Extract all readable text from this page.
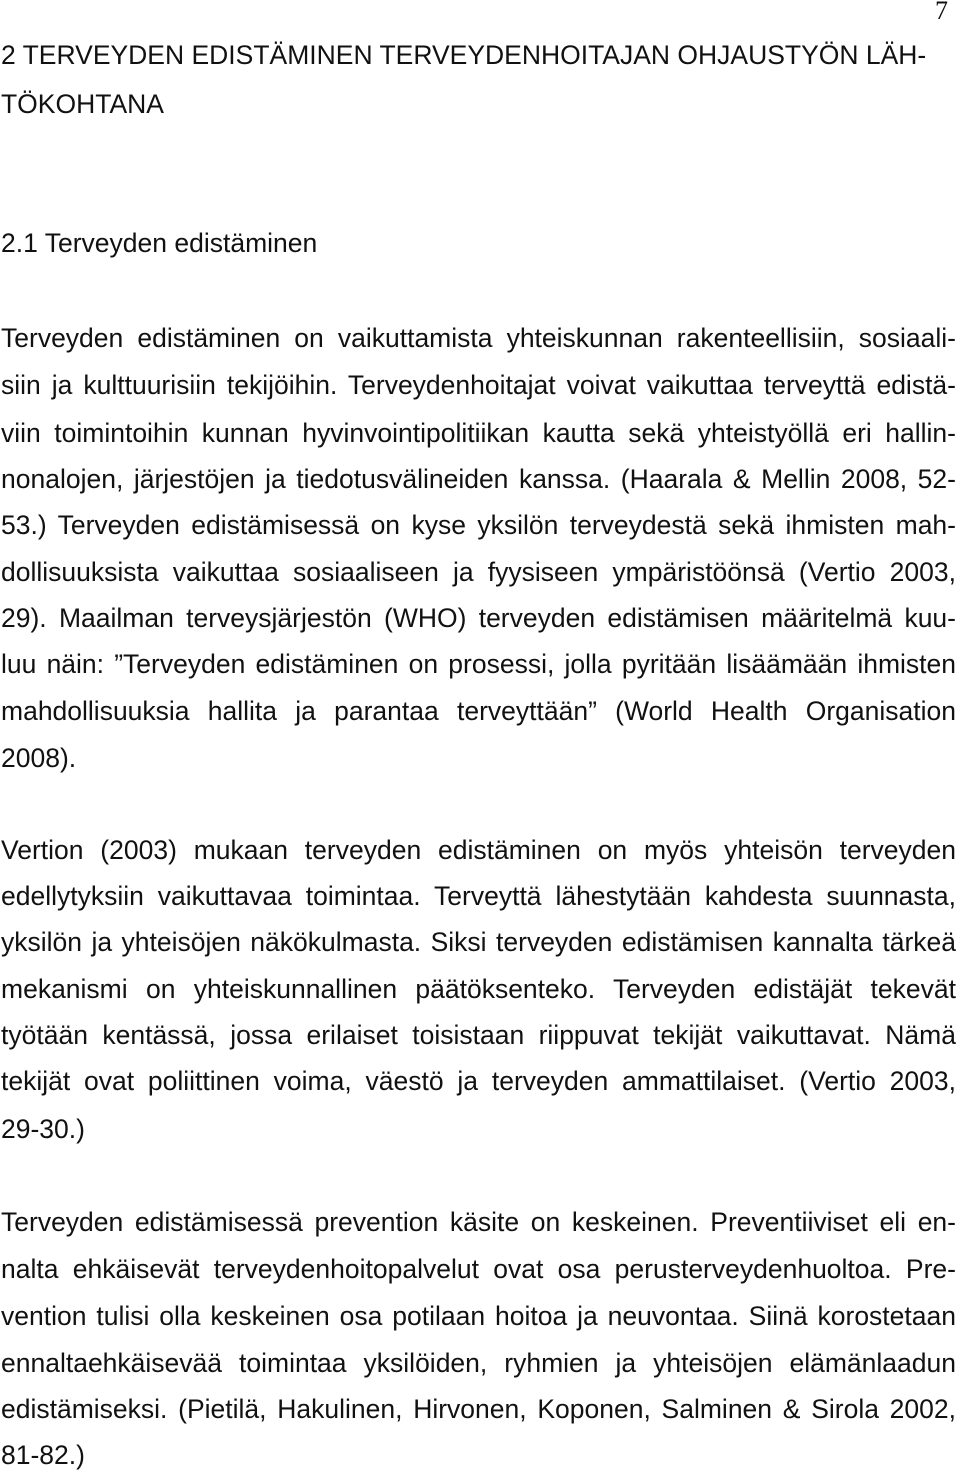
7
2 TERVEYDEN EDISTÄMINEN TERVEYDENHOITAJAN OHJAUSTYÖN LÄH-
TÖKOHTANA
2.1 Terveyden edistäminen
Terveyden edistäminen on vaikuttamista yhteiskunnan rakenteellisiin, sosiaali-
siin ja kulttuurisiin tekijöihin. Terveydenhoitajat voivat vaikuttaa terveyttä edistä-
viin toimintoihin kunnan hyvinvointipolitiikan kautta sekä yhteistyöllä eri hallin-
nonalojen, järjestöjen ja tiedotusvälineiden kanssa. (Haarala & Mellin 2008, 52-
53.) Terveyden edistämisessä on kyse yksilön terveydestä sekä ihmisten mah-
dollisuuksista vaikuttaa sosiaaliseen ja fyysiseen ympäristöönsä (Vertio 2003,
29). Maailman terveysjärjestön (WHO) terveyden edistämisen määritelmä kuu-
luu näin: ”Terveyden edistäminen on prosessi, jolla pyritään lisäämään ihmisten
mahdollisuuksia hallita ja parantaa terveyttään” (World Health Organisation
2008).
Vertion (2003) mukaan terveyden edistäminen on myös yhteisön terveyden
edellytyksiin vaikuttavaa toimintaa. Terveyttä lähestytään kahdesta suunnasta,
yksilön ja yhteisöjen näkökulmasta. Siksi terveyden edistämisen kannalta tärkeä
mekanismi on yhteiskunnallinen päätöksenteko. Terveyden edistäjät tekevät
työtään kentässä, jossa erilaiset toisistaan riippuvat tekijät vaikuttavat. Nämä
tekijät ovat poliittinen voima, väestö ja terveyden ammattilaiset. (Vertio 2003,
29-30.)
Terveyden edistämisessä prevention käsite on keskeinen. Preventiiviset eli en-
nalta ehkäisevät terveydenhoitopalvelut ovat osa perusterveydenhuoltoa. Pre-
vention tulisi olla keskeinen osa potilaan hoitoa ja neuvontaa. Siinä korostetaan
ennaltaehkäisevää toimintaa yksilöiden, ryhmien ja yhteisöjen elämänlaadun
edistämiseksi. (Pietilä, Hakulinen, Hirvonen, Koponen, Salminen & Sirola 2002,
81-82.)
